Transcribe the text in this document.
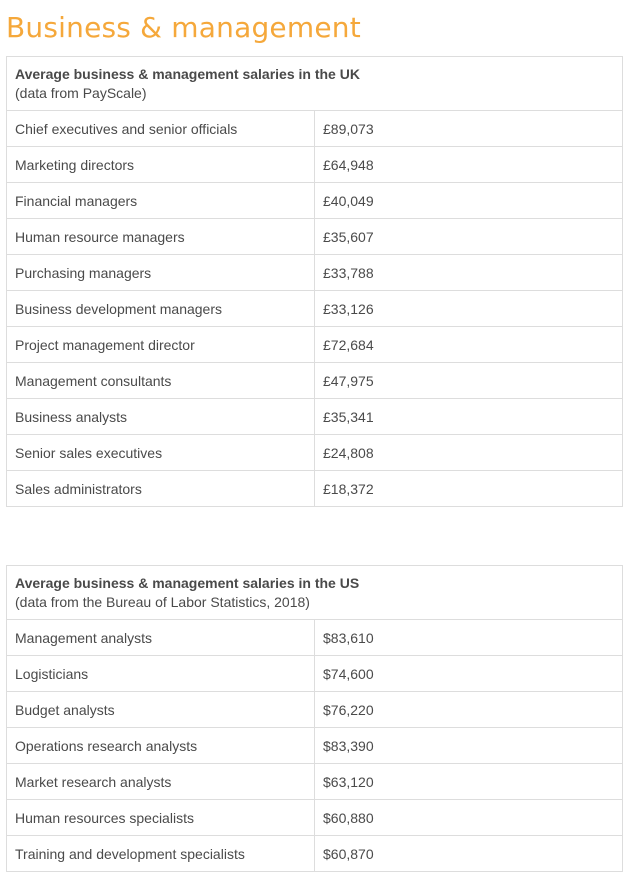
Business & management
Average business & management salaries in the UK
(data from PayScale)	

Chief executives and senior officials	£89,073
Marketing directors	£64,948
Financial managers	£40,049
Human resource managers	£35,607
Purchasing managers	£33,788
Business development managers	£33,126
Project management director	£72,684
Management consultants	£47,975
Business analysts	£35,341
Senior sales executives	£24,808
Sales administrators	£18,372
Average business & management salaries in the US
(data from the Bureau of Labor Statistics, 2018)	

Management analysts	$83,610
Logisticians	$74,600
Budget analysts	$76,220
Operations research analysts	$83,390
Market research analysts	$63,120
Human resources specialists	$60,880
Training and development specialists	$60,870
